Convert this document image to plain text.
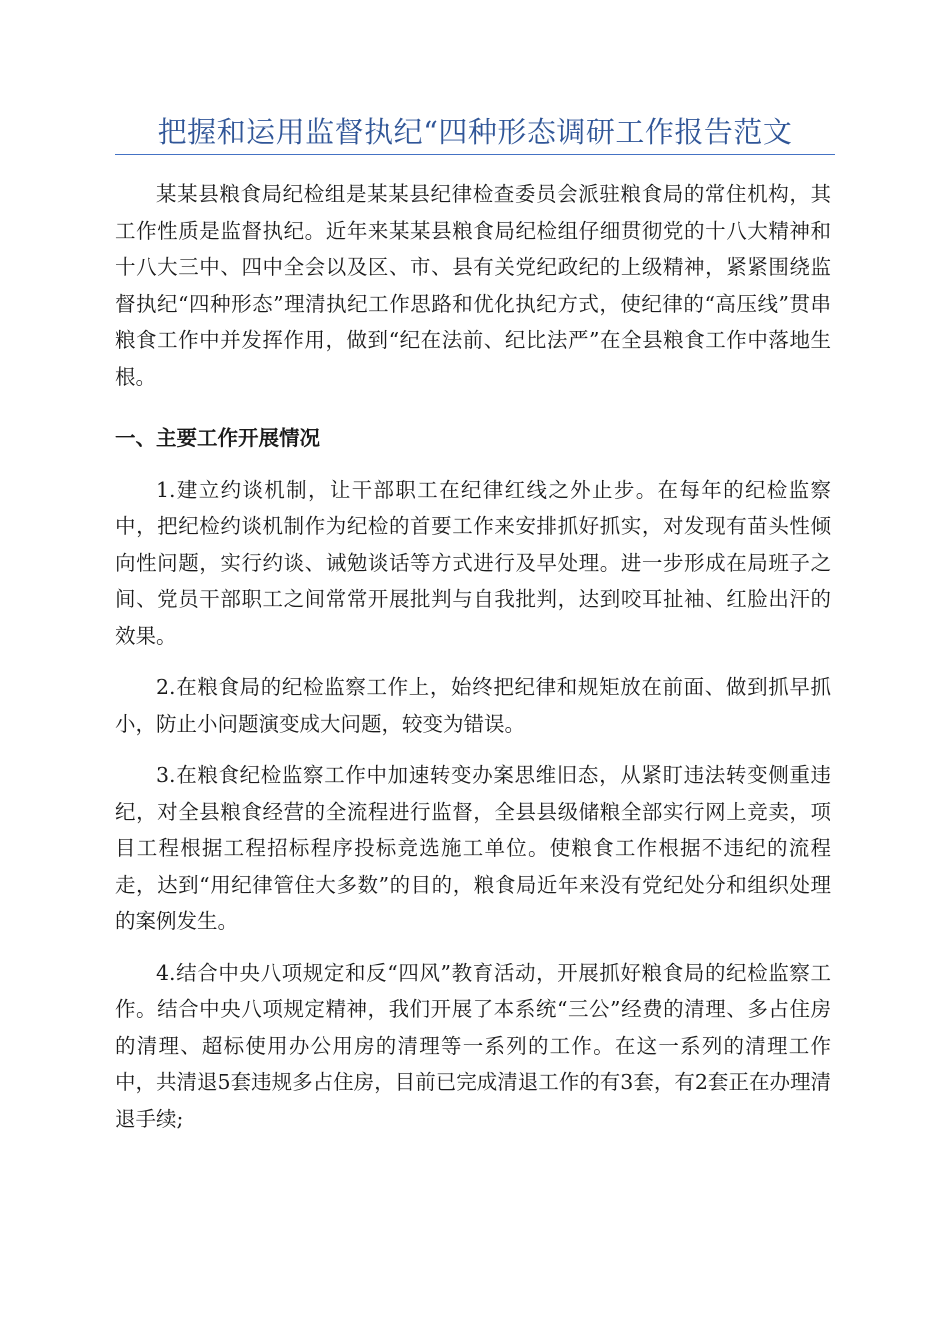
把握和运用监督执纪“四种形态调研工作报告范文

某某县粮食局纪检组是某某县纪律检查委员会派驻粮食局的常住机构，其工作性质是监督执纪。近年来某某县粮食局纪检组仔细贯彻党的十八大精神和十八大三中、四中全会以及区、市、县有关党纪政纪的上级精神，紧紧围绕监督执纪“四种形态”理清执纪工作思路和优化执纪方式，使纪律的“高压线”贯串粮食工作中并发挥作用，做到“纪在法前、纪比法严”在全县粮食工作中落地生根。

一、主要工作开展情况

1.建立约谈机制，让干部职工在纪律红线之外止步。在每年的纪检监察中，把纪检约谈机制作为纪检的首要工作来安排抓好抓实，对发现有苗头性倾向性问题，实行约谈、诫勉谈话等方式进行及早处理。进一步形成在局班子之间、党员干部职工之间常常开展批判与自我批判，达到咬耳扯袖、红脸出汗的效果。

2.在粮食局的纪检监察工作上，始终把纪律和规矩放在前面、做到抓早抓小，防止小问题演变成大问题，较变为错误。

3.在粮食纪检监察工作中加速转变办案思维旧态，从紧盯违法转变侧重违纪，对全县粮食经营的全流程进行监督，全县县级储粮全部实行网上竞卖，项目工程根据工程招标程序投标竞选施工单位。使粮食工作根据不违纪的流程走，达到“用纪律管住大多数”的目的，粮食局近年来没有党纪处分和组织处理的案例发生。

4.结合中央八项规定和反“四风”教育活动，开展抓好粮食局的纪检监察工作。结合中央八项规定精神，我们开展了本系统“三公”经费的清理、多占住房的清理、超标使用办公用房的清理等一系列的工作。在这一系列的清理工作中，共清退5套违规多占住房，目前已完成清退工作的有3套，有2套正在办理清退手续;
